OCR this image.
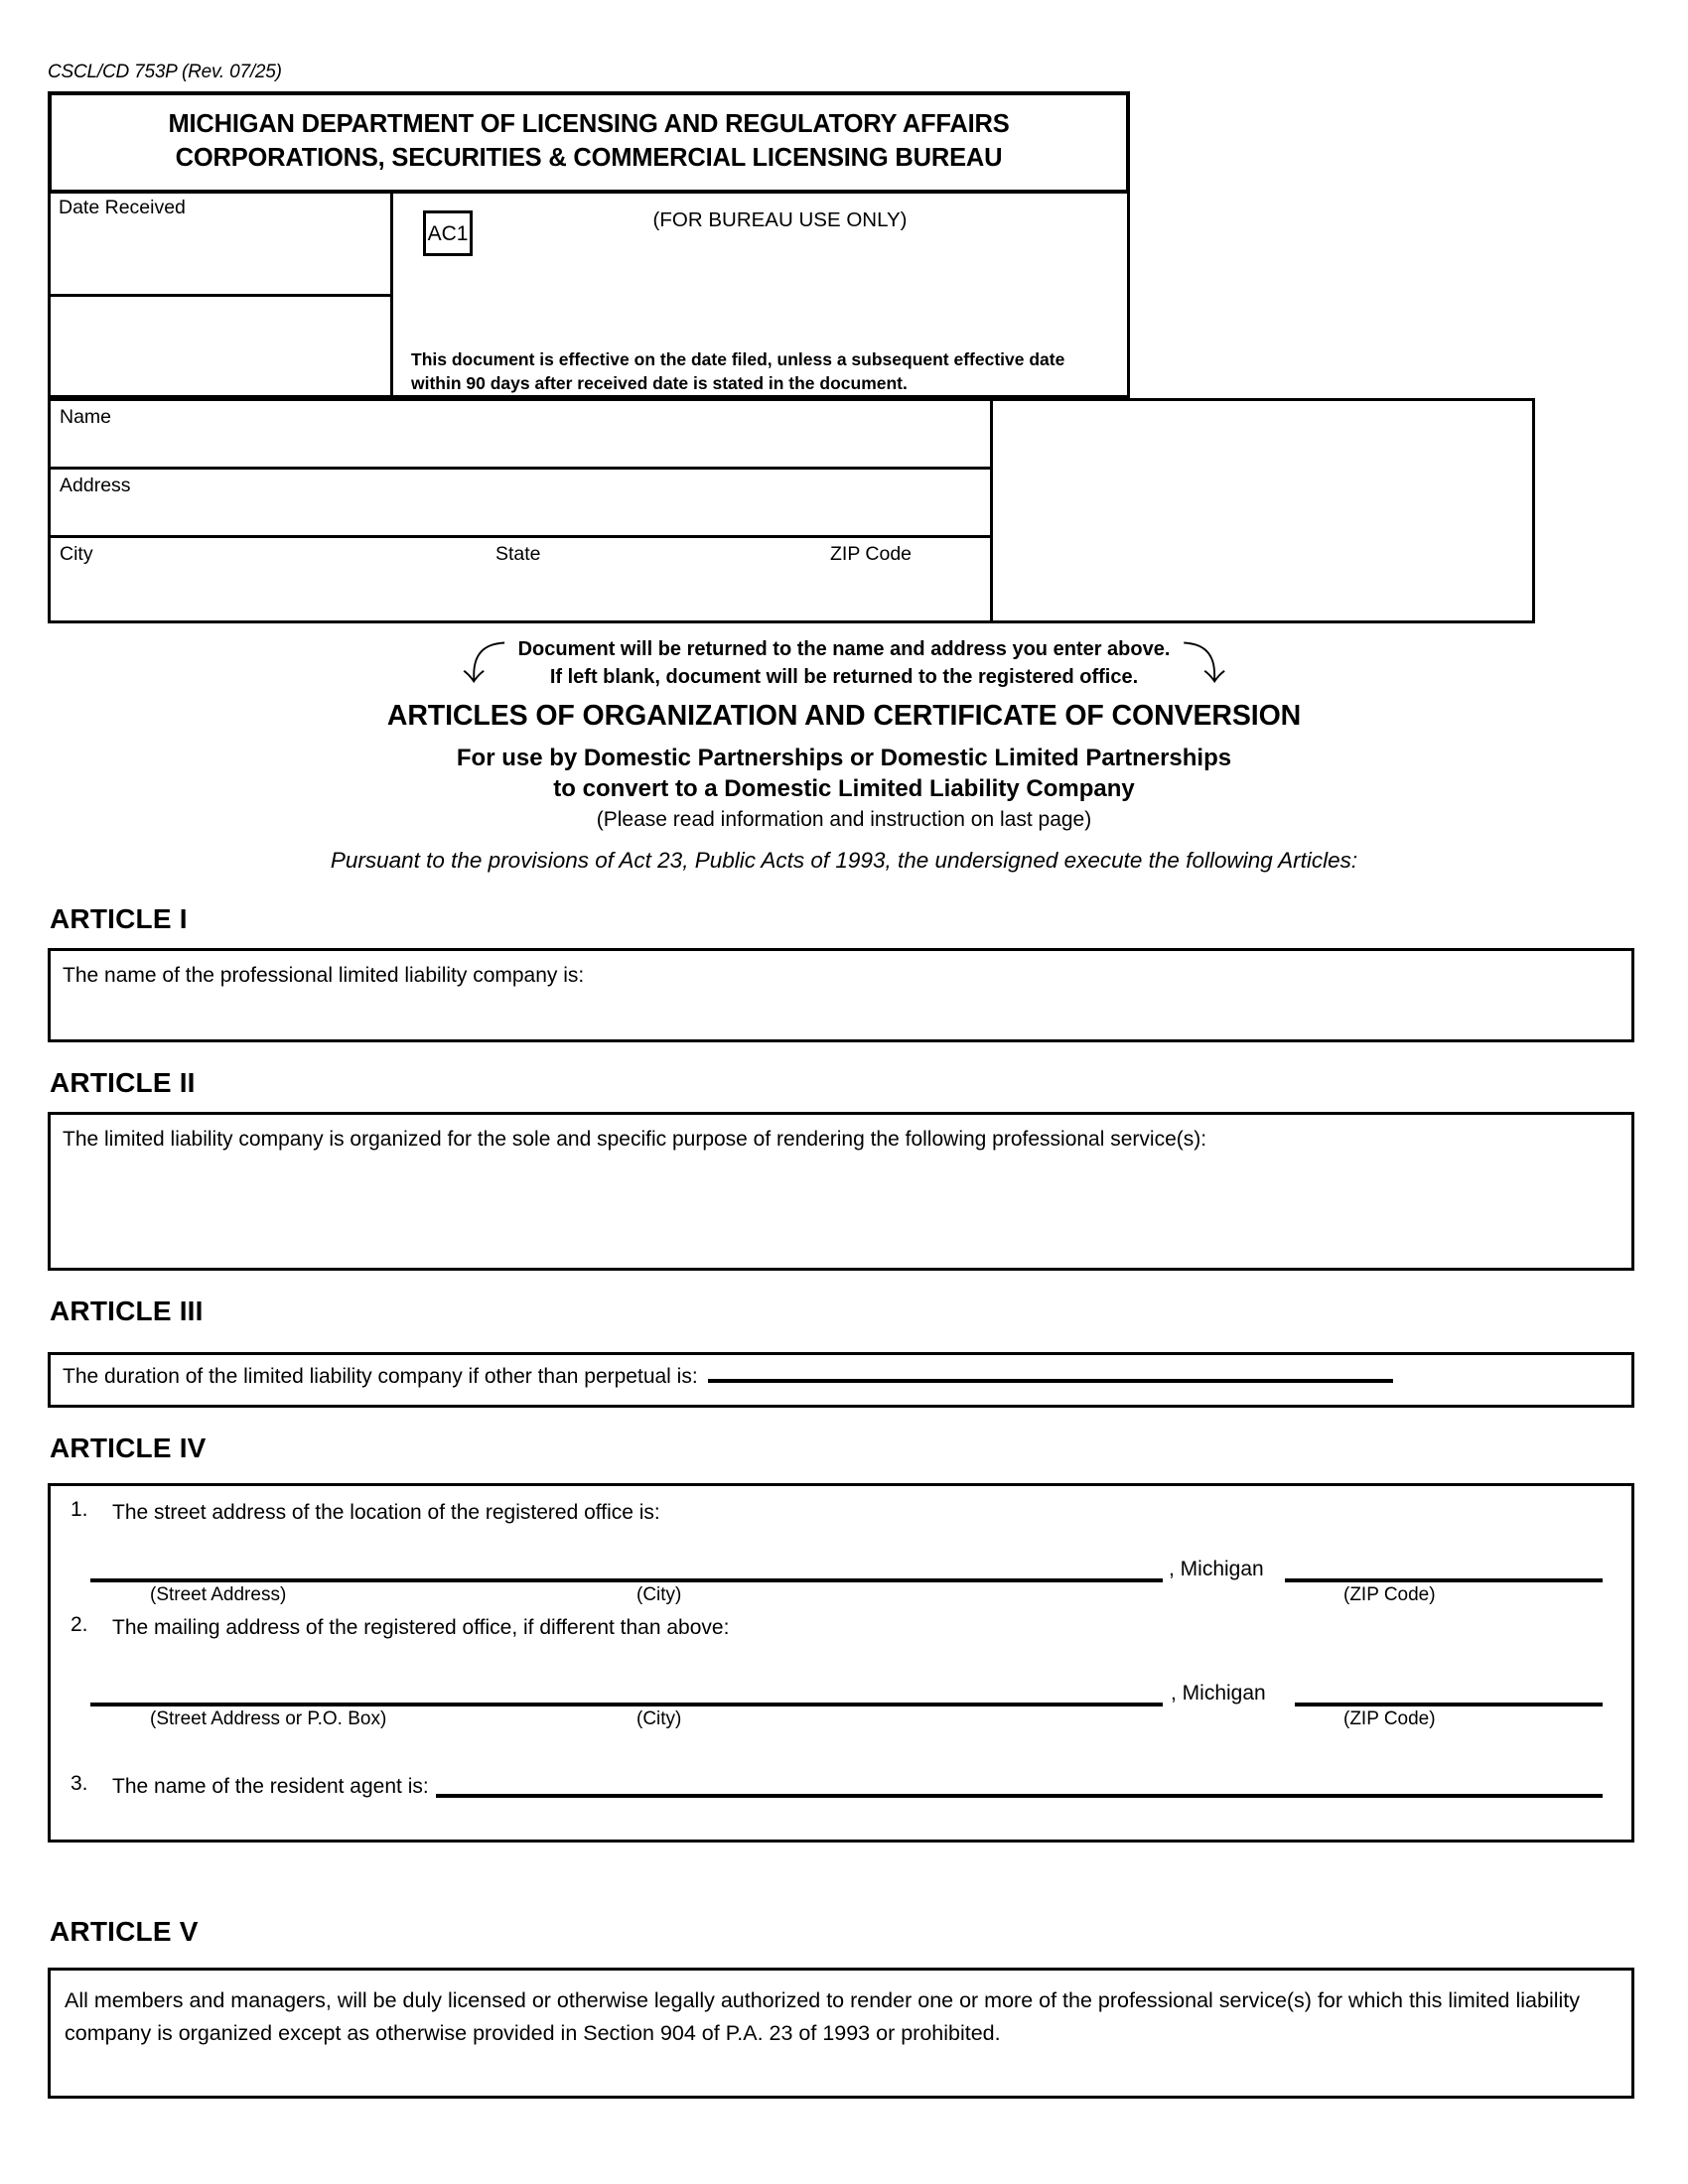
CSCL/CD 753P (Rev. 07/25)
MICHIGAN DEPARTMENT OF LICENSING AND REGULATORY AFFAIRS
CORPORATIONS, SECURITIES & COMMERCIAL LICENSING BUREAU
Date Received
AC1
(FOR BUREAU USE ONLY)
This document is effective on the date filed, unless a subsequent effective date within 90 days after received date is stated in the document.
Name
Address
City	State	ZIP Code
⤵ Document will be returned to the name and address you enter above.
If left blank, document will be returned to the registered office. ⤵
ARTICLES OF ORGANIZATION AND CERTIFICATE OF CONVERSION
For use by Domestic Partnerships or Domestic Limited Partnerships
to convert to a Domestic Limited Liability Company
(Please read information and instruction on last page)
Pursuant to the provisions of Act 23, Public Acts of 1993, the undersigned execute the following Articles:
ARTICLE I
The name of the professional limited liability company is:
ARTICLE II
The limited liability company is organized for the sole and specific purpose of rendering the following professional service(s):
ARTICLE III
The duration of the limited liability company if other than perpetual is:
ARTICLE IV
1. The street address of the location of the registered office is:
, Michigan
(Street Address)	(City)	(ZIP Code)
2. The mailing address of the registered office, if different than above:
, Michigan
(Street Address or P.O. Box)	(City)	(ZIP Code)
3. The name of the resident agent is:
ARTICLE V
All members and managers, will be duly licensed or otherwise legally authorized to render one or more of the professional service(s) for which this limited liability company is organized except as otherwise provided in Section 904 of P.A. 23 of 1993 or prohibited.
